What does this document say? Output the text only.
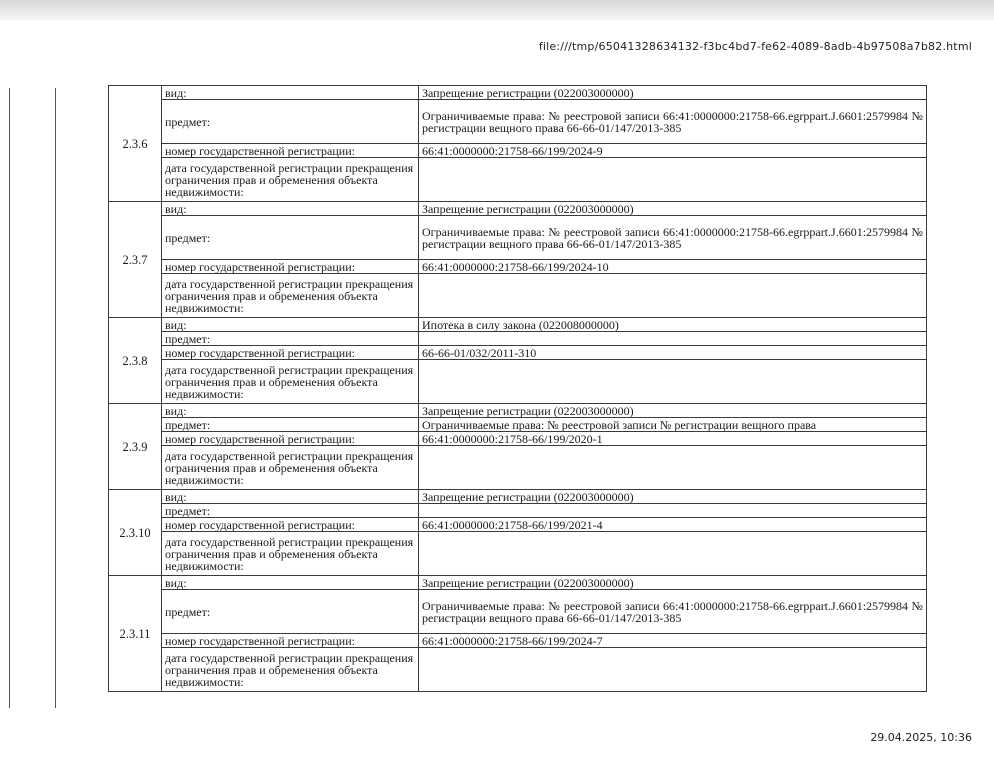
file:///tmp/65041328634132-f3bc4bd7-fe62-4089-8adb-4b97508a7b82.html
2.3.6	вид:	Запрещение регистрации (022003000000)
	предмет:	Ограничиваемые права: № реестровой записи 66:41:0000000:21758-66.egrppart.J.6601:2579984 № регистрации вещного права 66-66-01/147/2013-385
	номер государственной регистрации:	66:41:0000000:21758-66/199/2024-9
	дата государственной регистрации прекращения ограничения прав и обременения объекта недвижимости:	
2.3.7	вид:	Запрещение регистрации (022003000000)
	предмет:	Ограничиваемые права: № реестровой записи 66:41:0000000:21758-66.egrppart.J.6601:2579984 № регистрации вещного права 66-66-01/147/2013-385
	номер государственной регистрации:	66:41:0000000:21758-66/199/2024-10
	дата государственной регистрации прекращения ограничения прав и обременения объекта недвижимости:	
2.3.8	вид:	Ипотека в силу закона (022008000000)
	предмет:	
	номер государственной регистрации:	66-66-01/032/2011-310
	дата государственной регистрации прекращения ограничения прав и обременения объекта недвижимости:	
2.3.9	вид:	Запрещение регистрации (022003000000)
	предмет:	Ограничиваемые права: № реестровой записи № регистрации вещного права
	номер государственной регистрации:	66:41:0000000:21758-66/199/2020-1
	дата государственной регистрации прекращения ограничения прав и обременения объекта недвижимости:	
2.3.10	вид:	Запрещение регистрации (022003000000)
	предмет:	
	номер государственной регистрации:	66:41:0000000:21758-66/199/2021-4
	дата государственной регистрации прекращения ограничения прав и обременения объекта недвижимости:	
2.3.11	вид:	Запрещение регистрации (022003000000)
	предмет:	Ограничиваемые права: № реестровой записи 66:41:0000000:21758-66.egrppart.J.6601:2579984 № регистрации вещного права 66-66-01/147/2013-385
	номер государственной регистрации:	66:41:0000000:21758-66/199/2024-7
	дата государственной регистрации прекращения ограничения прав и обременения объекта недвижимости:	
29.04.2025, 10:36
